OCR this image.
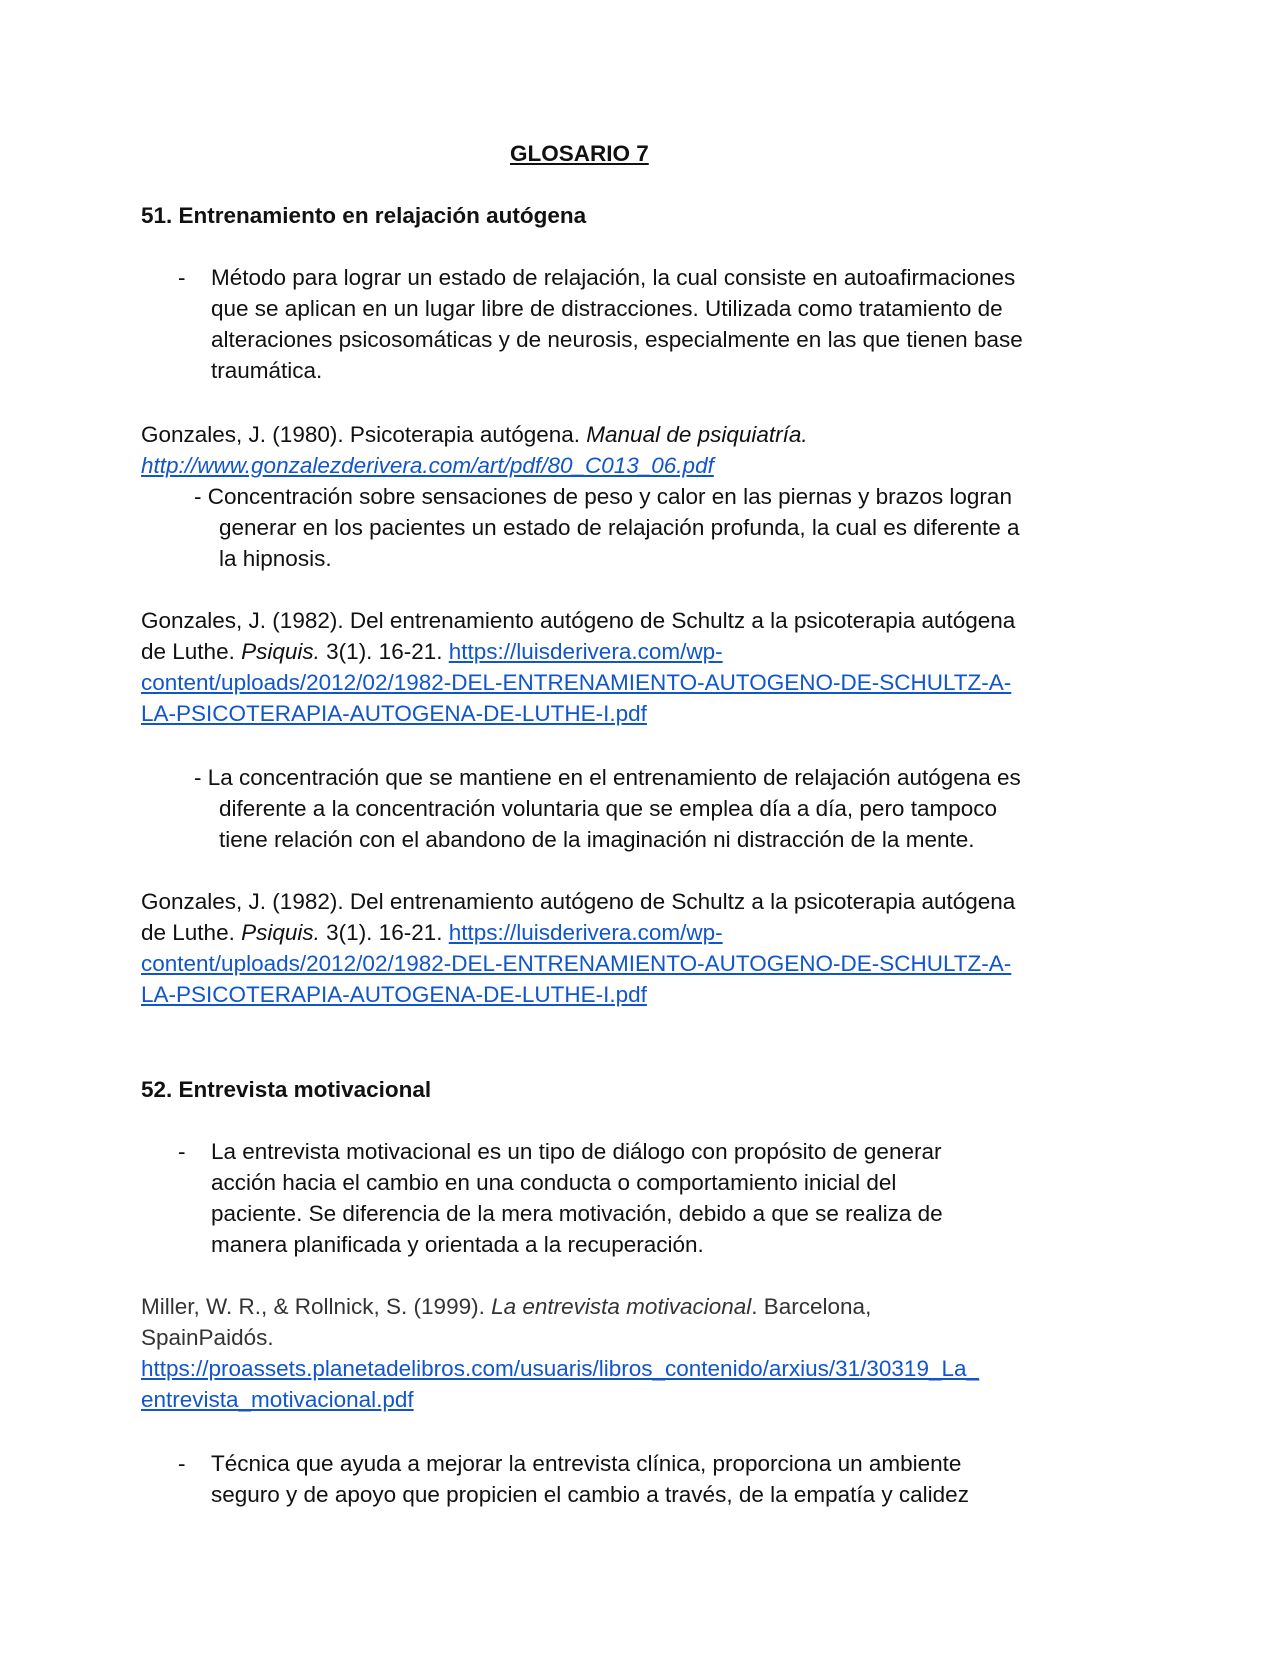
GLOSARIO 7
51. Entrenamiento en relajación autógena
- Método para lograr un estado de relajación, la cual consiste en autoafirmaciones
que se aplican en un lugar libre de distracciones. Utilizada como tratamiento de
alteraciones psicosomáticas y de neurosis, especialmente en las que tienen base
traumática.
Gonzales, J. (1980). Psicoterapia autógena. Manual de psiquiatría.
http://www.gonzalezderivera.com/art/pdf/80_C013_06.pdf
- Concentración sobre sensaciones de peso y calor en las piernas y brazos logran
generar en los pacientes un estado de relajación profunda, la cual es diferente a
la hipnosis.
Gonzales, J. (1982). Del entrenamiento autógeno de Schultz a la psicoterapia autógena
de Luthe. Psiquis. 3(1). 16-21. https://luisderivera.com/wp-
content/uploads/2012/02/1982-DEL-ENTRENAMIENTO-AUTOGENO-DE-SCHULTZ-A-
LA-PSICOTERAPIA-AUTOGENA-DE-LUTHE-I.pdf
- La concentración que se mantiene en el entrenamiento de relajación autógena es
diferente a la concentración voluntaria que se emplea día a día, pero tampoco
tiene relación con el abandono de la imaginación ni distracción de la mente.
Gonzales, J. (1982). Del entrenamiento autógeno de Schultz a la psicoterapia autógena
de Luthe. Psiquis. 3(1). 16-21. https://luisderivera.com/wp-
content/uploads/2012/02/1982-DEL-ENTRENAMIENTO-AUTOGENO-DE-SCHULTZ-A-
LA-PSICOTERAPIA-AUTOGENA-DE-LUTHE-I.pdf
52. Entrevista motivacional
- La entrevista motivacional es un tipo de diálogo con propósito de generar
acción hacia el cambio en una conducta o comportamiento inicial del
paciente. Se diferencia de la mera motivación, debido a que se realiza de
manera planificada y orientada a la recuperación.
Miller, W. R., & Rollnick, S. (1999). La entrevista motivacional. Barcelona,
SpainPaidós.
https://proassets.planetadelibros.com/usuaris/libros_contenido/arxius/31/30319_La_
entrevista_motivacional.pdf
- Técnica que ayuda a mejorar la entrevista clínica, proporciona un ambiente
seguro y de apoyo que propicien el cambio a través, de la empatía y calidez
